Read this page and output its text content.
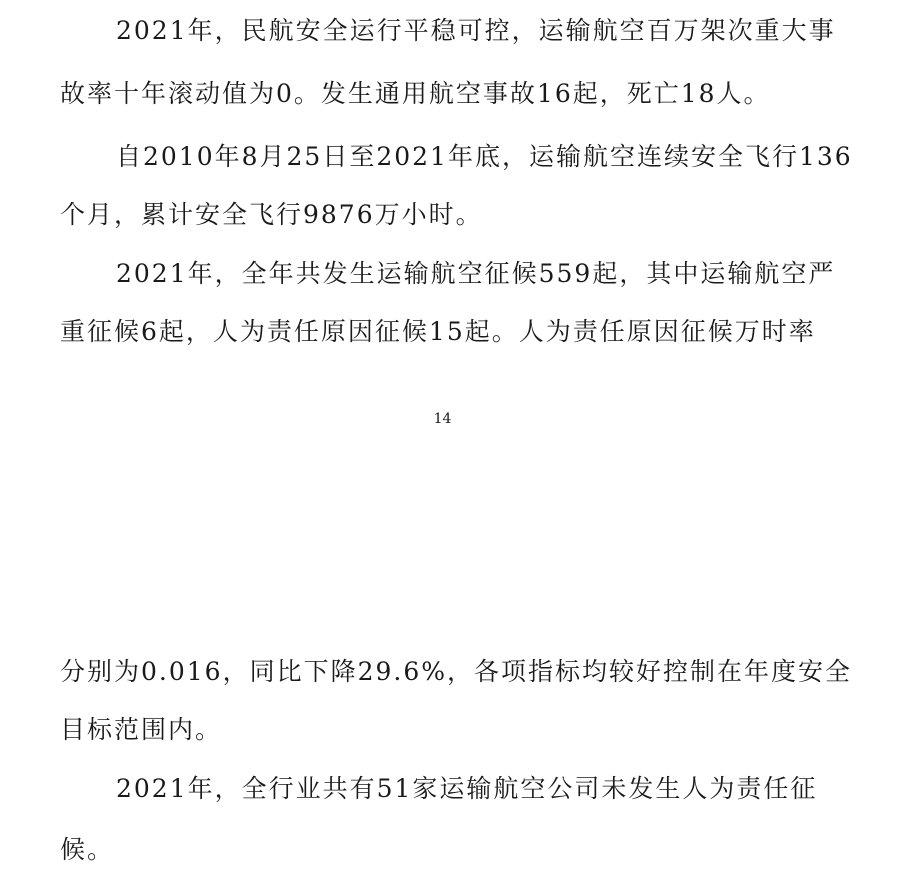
2021年，民航安全运行平稳可控，运输航空百万架次重大事
故率十年滚动值为0。发生通用航空事故16起，死亡18人。
自2010年8月25日至2021年底，运输航空连续安全飞行136
个月，累计安全飞行9876万小时。
2021年，全年共发生运输航空征候559起，其中运输航空严
重征候6起，人为责任原因征候15起。人为责任原因征候万时率
14
分别为0.016，同比下降29.6%，各项指标均较好控制在年度安全
目标范围内。
2021年，全行业共有51家运输航空公司未发生人为责任征
候。
